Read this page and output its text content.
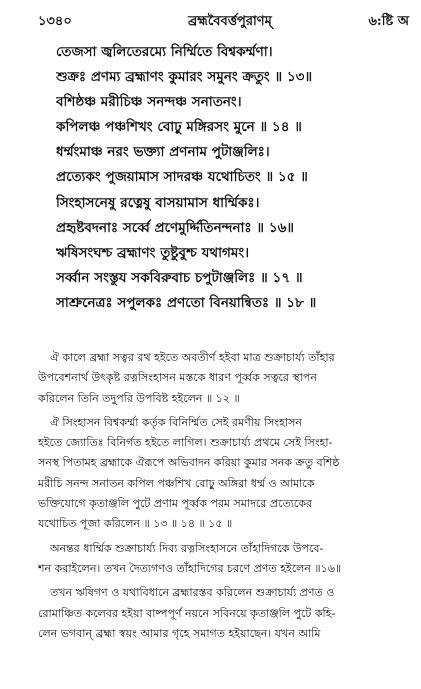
১৩৪০	ব্রহ্মবৈবর্ত্তপুরাণম্‌	৬:ষ্টি অ
তেজসা জ্বলিতেরম্যে নির্ম্মিতে বিশ্বকর্ম্মণা।
শুক্রঃ প্রণম্য ব্রহ্মাণং কুমারং সমুনং ক্রতুং ॥ ১৩॥
বশিষ্ঠঞ্চ মরীচিঞ্চ সনন্দঞ্চ সনাতনং।
কপিলঞ্চ পঞ্চশিখং বোঢ়ু মঙ্গিরসং মুনে ॥ ১৪ ॥
ধর্ম্মংমাঞ্চ নরং ভক্ত্যা প্রণনাম পুটাঞ্জলিঃ।
প্রত্যেকং পুজয়ামাস সাদরঞ্চ যথোচিতং ॥ ১৫ ॥
সিংহাসনেষু রত্নেষু বাসয়ামাস ধার্ম্মিকঃ।
প্রহৃষ্টবদনাঃ সর্ব্বে প্রণেমুর্দ্দিতিনন্দনাঃ ॥ ১৬॥
ঋষিসংঘশ্চ ব্রহ্মাণং তুষ্টুবুশ্চ যথাগমং।
সর্ব্বান সংস্তুয সকবিরুবাচ চপুটাঞ্জলিঃ ॥ ১৭ ॥
সাশ্রুনেত্রঃ সপুলকঃ প্রণতো বিনয়ান্বিতঃ ॥ ১৮ ॥
ঐ কালে ব্রহ্মা সত্বর রথ হইতে অবতীর্ণ হইবা মাত্র শুক্রাচার্য্য তাঁহার
উপবেশনার্থ উৎকৃষ্ট রত্নসিংহাসন মস্তকে ধারণ পূর্ব্বক সত্বরে স্থাপন
করিলেন তিনি তদুপরি উপবিষ্ট হইলেন ॥ ১২ ॥
ঐ সিংহাসন বিশ্বকর্ম্মা কর্তৃক বিনির্ম্মিত সেই রমণীয় সিংহাসন
হইতে জ্যোতিঃ বিনির্গত হইতে লাগিল। শুক্রাচার্য্য প্রথমে সেই সিংহা-
সনস্থ পিতামহ ব্রহ্মাকে ঐরূপে অভিবাদন করিয়া কুমার সনক ক্রতু বশিষ্ঠ
মরীচি সনন্দ সনাতন কপিল পঞ্চশিখ বোঢ়ু অঙ্গিরা ধর্ম্ম ও আমাকে
ভক্তিযোগে কৃতাঞ্জলি পুটে প্রণাম পূর্ব্বক পরম সমাদরে প্রত্যেকের
যথোচিত পূজা করিলেন ॥ ১৩ ॥ ১৪ ॥ ১৫ ॥
অনন্তর ধার্ম্মিক শুক্রাচার্য্য দিব্য রত্নসিংহাসনে তাঁহাদিগকে উপবে-
শন করাইলেন। তখন দৈত্যগণও তাঁহাদিগের চরণে প্রণত হইলেন ॥১৬॥
তখন ঋষিগণ ও যথাবিধানে ব্রহ্মারস্তব করিলেন শুক্রাচার্য্য প্রণত ও
রোমাঞ্চিত কলেবর হইয়া বাষ্পপূর্ণ নয়নে সবিনয়ে কৃতাঞ্জলি পুটে কহি-
লেন ভগবান্‌ ব্রহ্মা স্বয়ং আমার গৃহে সমাগত হইয়াছেন। যখন আমি
